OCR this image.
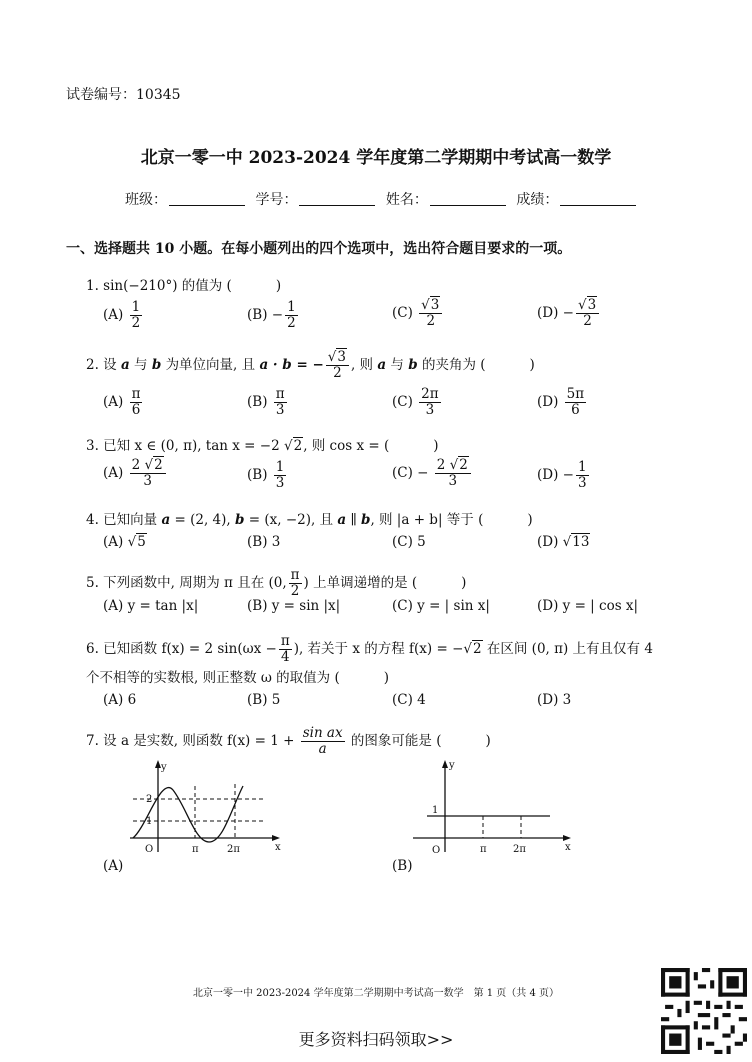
试卷编号：10345
北京一零一中 2023-2024 学年度第二学期期中考试高一数学
班级：	学号：	姓名：	成绩：
一、选择题共 10 小题。在每小题列出的四个选项中，选出符合题目要求的一项。
1. sin(−210°) 的值为 (	)
$(A) \frac{1}{2}$	$(B) - \frac{1}{2}$	$(C) \frac{√3}{2}$	$(D) - \frac{√3}{2}$
2. 设 a 与 b 为单位向量, 且 a · b = − $\frac{√3}{2}$ , 则 a 与 b 的夹角为 (	)
$(A) \frac{\pi}{6}$	$(B) \frac{\pi}{3}$	$(C) \frac{2\pi}{3}$	$(D) \frac{5\pi}{6}$
3. 已知 x ∈ (0, π), tan x = −2 √2, 则 cos x = (	)
$(A) \frac{2 √2}{3}$	$(B) \frac{1}{3}$	$(C) - \frac{2 √2}{3}$	$(D) - \frac{1}{3}$
4. 已知向量 a = (2, 4), b = (x, −2), 且 a ∥ b, 则 |a + b| 等于 (	)
(A) √5	(B) 3	(C) 5	(D) √13
5. 下列函数中, 周期为 π 且在 (0, $\frac{\pi}{2}$ ) 上单调递增的是 (	)
(A) y = tan |x|	(B) y = sin |x|	(C) y = | sin x|	(D) y = | cos x|
6. 已知函数 f(x) = 2 $\sin(\omega x - \frac{\pi}{4}$ ), 若关于 x 的方程 f(x) = −√2 在区间 (0, π) 上有且仅有 4
个不相等的实数根, 则正整数 ω 的取值为 (	)
(A) 6	(B) 5	(C) 4	(D) 3
7. 设 a 是实数, 则函数 $f(x) = 1 + \frac{\text{sin ax}}{a}$ 的图象可能是 (	)
y
x
O
1
2
π	2π
(A)
y
x
O
1
π	2π
(B)
北京一零一中 2023-2024 学年度第二学期期中考试高一数学　第 1 页（共 4 页）
更多资料扫码领取>>
